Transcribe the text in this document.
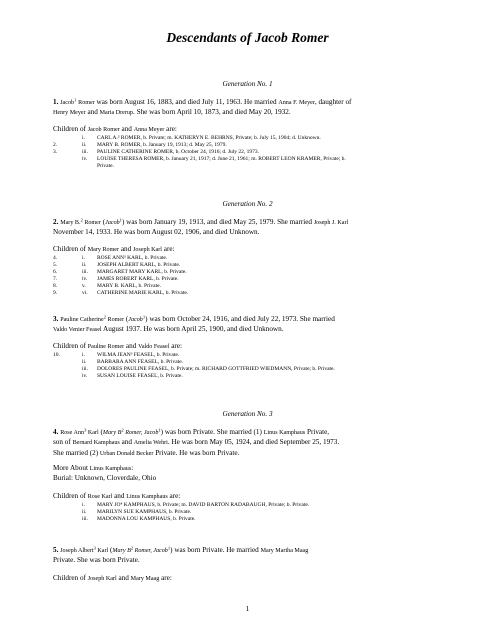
Descendants of Jacob Romer
Generation No. 1

1. Jacob$^1$ Romer was born August 16, 1883, and died July 11, 1963. He married Anna F. Meyer, daughter of
Henry Meyer and Maria Drerup. She was born April 10, 1873, and died May 20, 1932.

Children of Jacob Romer and Anna Meyer are:

i.	CARL A.² ROMER, b. Private; m. KATHERYN E. BEHRNS, Private; b. July 15, 1904; d. Unknown.
2.	ii.	MARY B. ROMER, b. January 19, 1913; d. May 25, 1979.
3.	iii.	PAULINE CATHERINE ROMER, b. October 24, 1916; d. July 22, 1973.
iv.	LOUISE THERESA ROMER, b. January 21, 1917; d. June 21, 1961; m. ROBERT LEON KRAMER, Private; b.
Private.
Generation No. 2

2. Mary B.$^2$ Romer (Jacob$^1$) was born January 19, 1913, and died May 25, 1979. She married Joseph J. Karl
November 14, 1933. He was born August 02, 1906, and died Unknown.

Children of Mary Romer and Joseph Karl are:

4.	i.	ROSE ANN³ KARL, b. Private.
5.	ii.	JOSEPH ALBERT KARL, b. Private.
6.	iii.	MARGARET MARY KARL, b. Private.
7.	iv.	JAMES ROBERT KARL, b. Private.
8.	v.	MARY B. KARL, b. Private.
9.	vi.	CATHERINE MARIE KARL, b. Private.

3. Pauline Catherine$^2$ Romer (Jacob$^1$) was born October 24, 1916, and died July 22, 1973. She married
Valdo Venier Feasel August 1937. He was born April 25, 1900, and died Unknown.

Children of Pauline Romer and Valdo Feasel are:

10.	i.	WILMA JEAN³ FEASEL, b. Private.
ii.	BARBARA ANN FEASEL, b. Private.
iii.	DOLORES PAULINE FEASEL, b. Private; m. RICHARD GOTTFRIED WIEDMANN, Private; b. Private.
iv.	SUSAN LOUISE FEASEL, b. Private.
Generation No. 3

4. Rose Ann$^3$ Karl (Mary $B^2$ Romer, Jacob$^1$) was born Private. She married (1) Linus Kamphaus Private,
son of Bernard Kamphaus and Amelia Wehri. He was born May 05, 1924, and died September 25, 1973.
She married (2) Urban Donald Becker Private. He was born Private.

More About Linus Kamphaus:
Burial: Unknown, Cloverdale, Ohio

Children of Rose Karl and Linus Kamphaus are:

i.	MARY JO⁴ KAMPHAUS, b. Private; m. DAVID BARTON RADABAUGH, Private; b. Private.
ii.	MARILYN SUE KAMPHAUS, b. Private.
iii.	MADONNA LOU KAMPHAUS, b. Private.

5. Joseph Albert$^3$ Karl (Mary $B^2$ Romer, Jacob$^1$) was born Private. He married Mary Martha Maag
Private. She was born Private.

Children of Joseph Karl and Mary Maag are:

1
